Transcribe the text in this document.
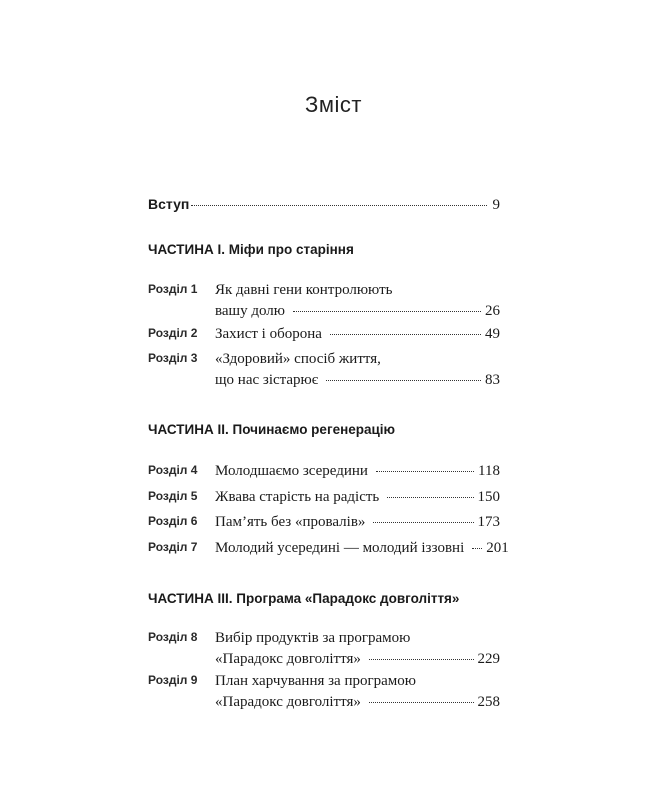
Зміст
Вступ	9
ЧАСТИНА I. Міфи про старіння
Розділ 1	Як давні гени контролюють
вашу долю	26
Розділ 2	Захист і оборона	49
Розділ 3	«Здоровий» спосіб життя,
що нас зістарює	83
ЧАСТИНА II. Починаємо регенерацію
Розділ 4	Молодшаємо зсередини	118
Розділ 5	Жвава старість на радість	150
Розділ 6	Пам’ять без «провалів»	173
Розділ 7	Молодий усередині — молодий іззовні 201
ЧАСТИНА III. Програма «Парадокс довголіття»
Розділ 8	Вибір продуктів за програмою
«Парадокс довголіття»	229
Розділ 9	План харчування за програмою
«Парадокс довголіття»	258
